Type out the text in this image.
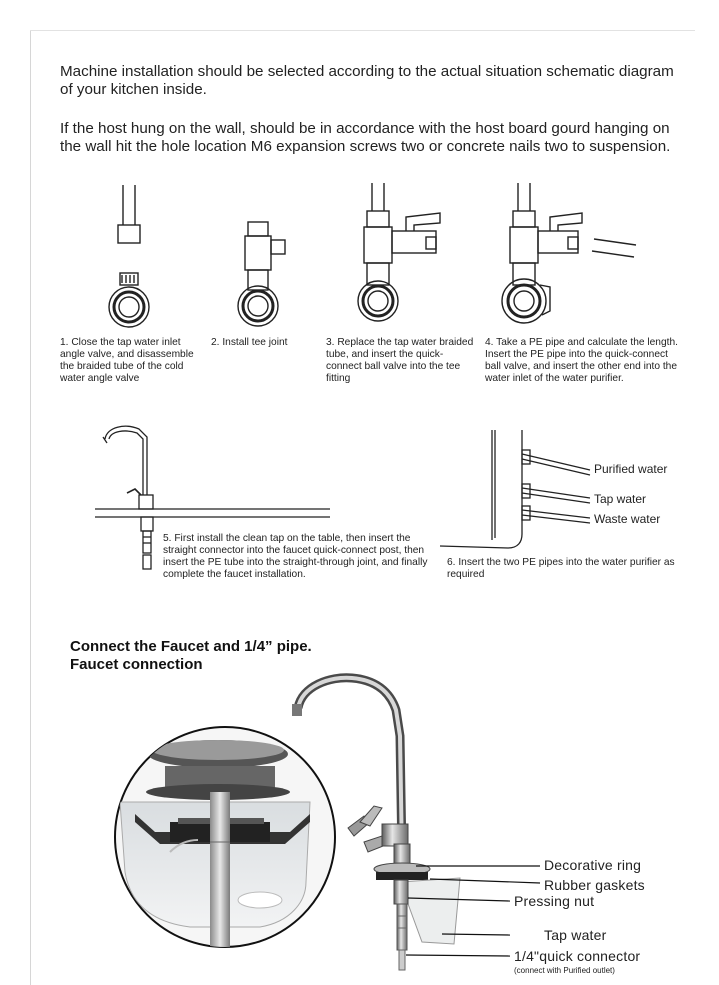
Machine installation should be selected according to the actual situation schematic diagram of your kitchen inside.

If the host hung on the wall, should be in accordance with the host board gourd hanging on the wall hit the hole location M6 expansion screws two or concrete nails two to suspension.

1. Close the tap water inlet angle valve, and disassemble the braided tube of the cold water angle valve

2. Install tee joint	3. Replace the tap water braided tube, and insert the quick-connect ball valve into the tee fitting

4. Take a PE pipe and calculate the length. Insert the PE pipe into the quick-connect ball valve, and insert the other end into the water inlet of the water purifier.

5. First install the clean tap on the table, then insert the straight connector into the faucet quick-connect post, then insert the PE tube into the straight-through joint, and finally complete the faucet installation.

Purified water
Tap water
Waste water

6. Insert the two PE pipes into the water purifier as required

Connect the Faucet and 1/4” pipe.

Faucet connection

Decorative ring
Rubber gaskets
Pressing nut
Tap water
1/4"quick connector
(connect with Purified outlet)
